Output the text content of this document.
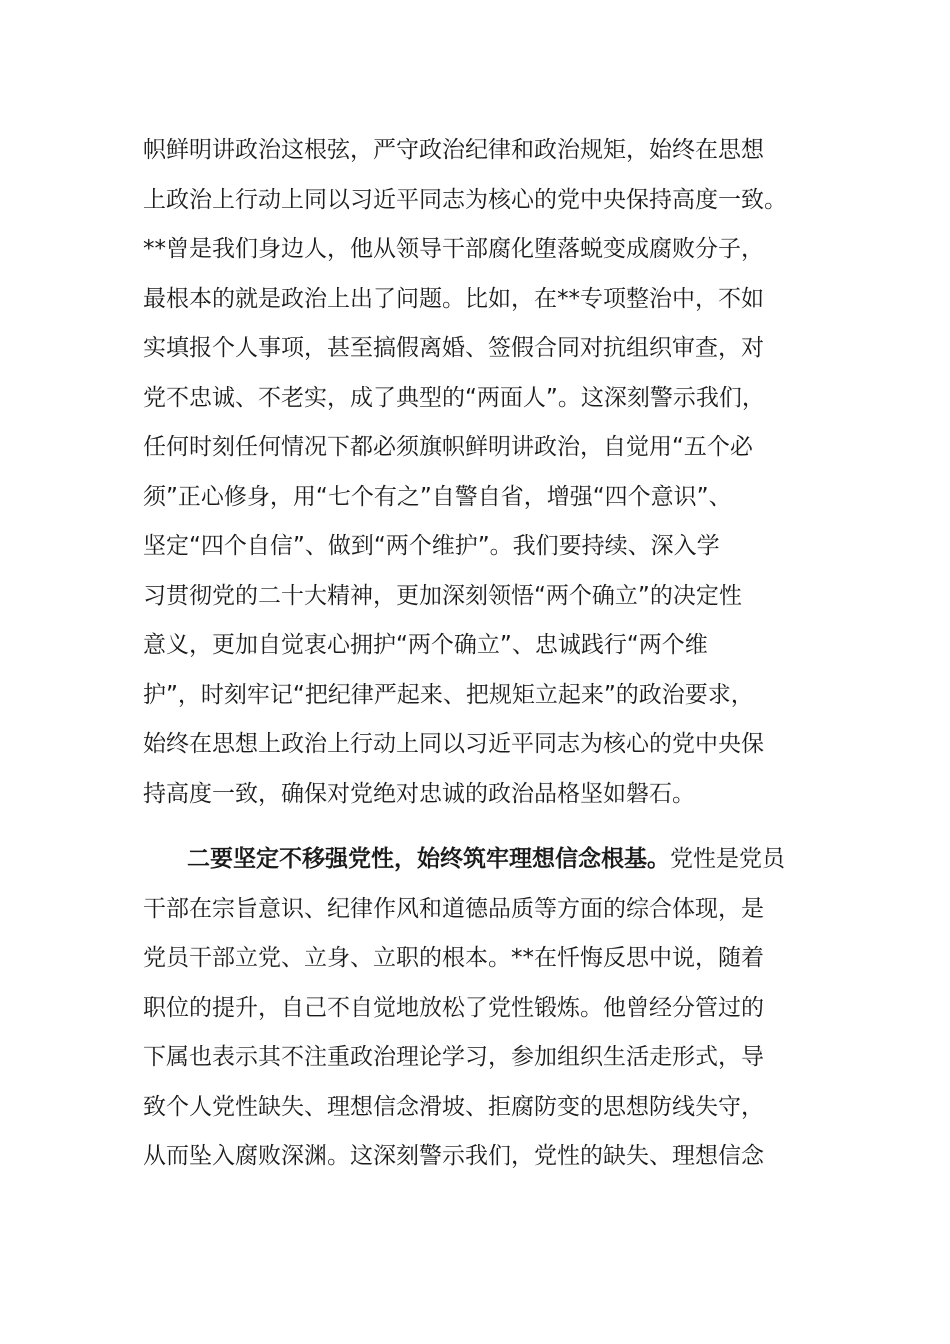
帜鲜明讲政治这根弦，严守政治纪律和政治规矩，始终在思想
上政治上行动上同以习近平同志为核心的党中央保持高度一致。
**曾是我们身边人，他从领导干部腐化堕落蜕变成腐败分子，
最根本的就是政治上出了问题。比如，在**专项整治中，不如
实填报个人事项，甚至搞假离婚、签假合同对抗组织审查，对
党不忠诚、不老实，成了典型的“两面人”。这深刻警示我们，
任何时刻任何情况下都必须旗帜鲜明讲政治，自觉用“五个必
须”正心修身，用“七个有之”自警自省，增强“四个意识”、
坚定“四个自信”、做到“两个维护”。我们要持续、深入学
习贯彻党的二十大精神，更加深刻领悟“两个确立”的决定性
意义，更加自觉衷心拥护“两个确立”、忠诚践行“两个维
护”，时刻牢记“把纪律严起来、把规矩立起来”的政治要求，
始终在思想上政治上行动上同以习近平同志为核心的党中央保
持高度一致，确保对党绝对忠诚的政治品格坚如磐石。
二要坚定不移强党性，始终筑牢理想信念根基。党性是党员
干部在宗旨意识、纪律作风和道德品质等方面的综合体现，是
党员干部立党、立身、立职的根本。**在忏悔反思中说，随着
职位的提升，自己不自觉地放松了党性锻炼。他曾经分管过的
下属也表示其不注重政治理论学习，参加组织生活走形式，导
致个人党性缺失、理想信念滑坡、拒腐防变的思想防线失守，
从而坠入腐败深渊。这深刻警示我们，党性的缺失、理想信念
